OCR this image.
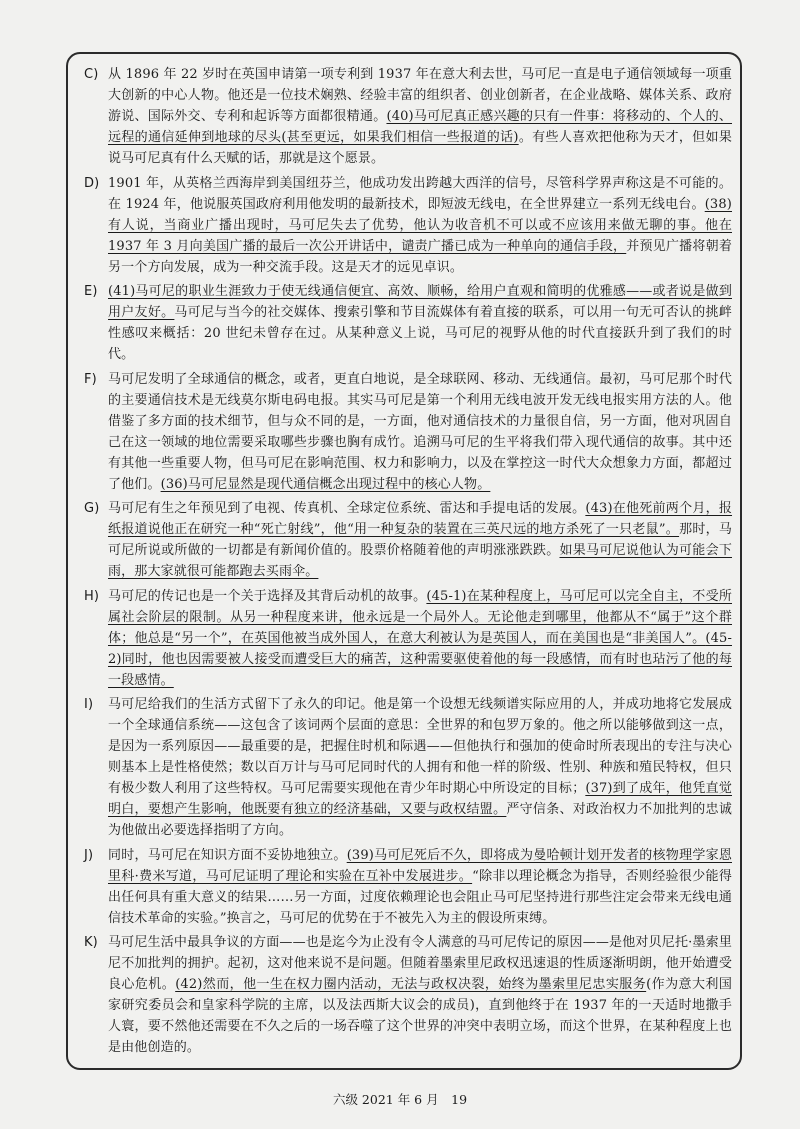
C) 从 1896 年 22 岁时在英国申请第一项专利到 1937 年在意大利去世，马可尼一直是电子通信领域每一项重大创新的中心人物。他还是一位技术娴熟、经验丰富的组织者、创业创新者，在企业战略、媒体关系、政府游说、国际外交、专利和起诉等方面都很精通。(40)马可尼真正感兴趣的只有一件事：将移动的、个人的、远程的通信延伸到地球的尽头(甚至更远，如果我们相信一些报道的话)。有些人喜欢把他称为天才，但如果说马可尼真有什么天赋的话，那就是这个愿景。
D) 1901 年，从英格兰西海岸到美国纽芬兰，他成功发出跨越大西洋的信号，尽管科学界声称这是不可能的。在 1924 年，他说服英国政府利用他发明的最新技术，即短波无线电，在全世界建立一系列无线电台。(38)有人说，当商业广播出现时，马可尼失去了优势，他认为收音机不可以或不应该用来做无聊的事。他在 1937 年 3 月向美国广播的最后一次公开讲话中，谴责广播已成为一种单向的通信手段，并预见广播将朝着另一个方向发展，成为一种交流手段。这是天才的远见卓识。
E) (41)马可尼的职业生涯致力于使无线通信便宜、高效、顺畅，给用户直观和简明的优雅感——或者说是做到用户友好。马可尼与当今的社交媒体、搜索引擎和节目流媒体有着直接的联系，可以用一句无可否认的挑衅性感叹来概括：20 世纪未曾存在过。从某种意义上说，马可尼的视野从他的时代直接跃升到了我们的时代。
F) 马可尼发明了全球通信的概念，或者，更直白地说，是全球联网、移动、无线通信。最初，马可尼那个时代的主要通信技术是无线莫尔斯电码电报。其实马可尼是第一个利用无线电波开发无线电报实用方法的人。他借鉴了多方面的技术细节，但与众不同的是，一方面，他对通信技术的力量很自信，另一方面，他对巩固自己在这一领域的地位需要采取哪些步骤也胸有成竹。追溯马可尼的生平将我们带入现代通信的故事。其中还有其他一些重要人物，但马可尼在影响范围、权力和影响力，以及在掌控这一时代大众想象力方面，都超过了他们。(36)马可尼显然是现代通信概念出现过程中的核心人物。
G) 马可尼有生之年预见到了电视、传真机、全球定位系统、雷达和手提电话的发展。(43)在他死前两个月，报纸报道说他正在研究一种“死亡射线”，他“用一种复杂的装置在三英尺远的地方杀死了一只老鼠”。那时，马可尼所说或所做的一切都是有新闻价值的。股票价格随着他的声明涨涨跌跌。如果马可尼说他认为可能会下雨，那大家就很可能都跑去买雨伞。
H) 马可尼的传记也是一个关于选择及其背后动机的故事。(45-1)在某种程度上，马可尼可以完全自主，不受所属社会阶层的限制。从另一种程度来讲，他永远是一个局外人。无论他走到哪里，他都从不“属于”这个群体；他总是“另一个”，在英国他被当成外国人，在意大利被认为是英国人，而在美国也是“非美国人”。(45-2)同时，他也因需要被人接受而遭受巨大的痛苦，这种需要驱使着他的每一段感情，而有时也玷污了他的每一段感情。
I)	马可尼给我们的生活方式留下了永久的印记。他是第一个设想无线频谱实际应用的人，并成功地将它发展成一个全球通信系统——这包含了该词两个层面的意思：全世界的和包罗万象的。他之所以能够做到这一点，是因为一系列原因——最重要的是，把握住时机和际遇——但他执行和强加的使命时所表现出的专注与决心则基本上是性格使然；数以百万计与马可尼同时代的人拥有和他一样的阶级、性别、种族和殖民特权，但只有极少数人利用了这些特权。马可尼需要实现他在青少年时期心中所设定的目标；(37)到了成年，他凭直觉明白，要想产生影响，他既要有独立的经济基础，又要与政权结盟。严守信条、对政治权力不加批判的忠诚为他做出必要选择指明了方向。
J)	同时，马可尼在知识方面不妥协地独立。(39)马可尼死后不久，即将成为曼哈顿计划开发者的核物理学家恩里科·费米写道，马可尼证明了理论和实验在互补中发展进步。“除非以理论概念为指导，否则经验很少能得出任何具有重大意义的结果……另一方面，过度依赖理论也会阻止马可尼坚持进行那些注定会带来无线电通信技术革命的实验。”换言之，马可尼的优势在于不被先入为主的假设所束缚。
K) 马可尼生活中最具争议的方面——也是迄今为止没有令人满意的马可尼传记的原因——是他对贝尼托·墨索里尼不加批判的拥护。起初，这对他来说不是问题。但随着墨索里尼政权迅速退的性质逐渐明朗，他开始遭受良心危机。(42)然而，他一生在权力圈内活动，无法与政权决裂，始终为墨索里尼忠实服务(作为意大利国家研究委员会和皇家科学院的主席，以及法西斯大议会的成员)，直到他终于在 1937 年的一天适时地撒手人寰，要不然他还需要在不久之后的一场吞噬了这个世界的冲突中表明立场，而这个世界，在某种程度上也是由他创造的。
六级 2021 年 6 月　19
